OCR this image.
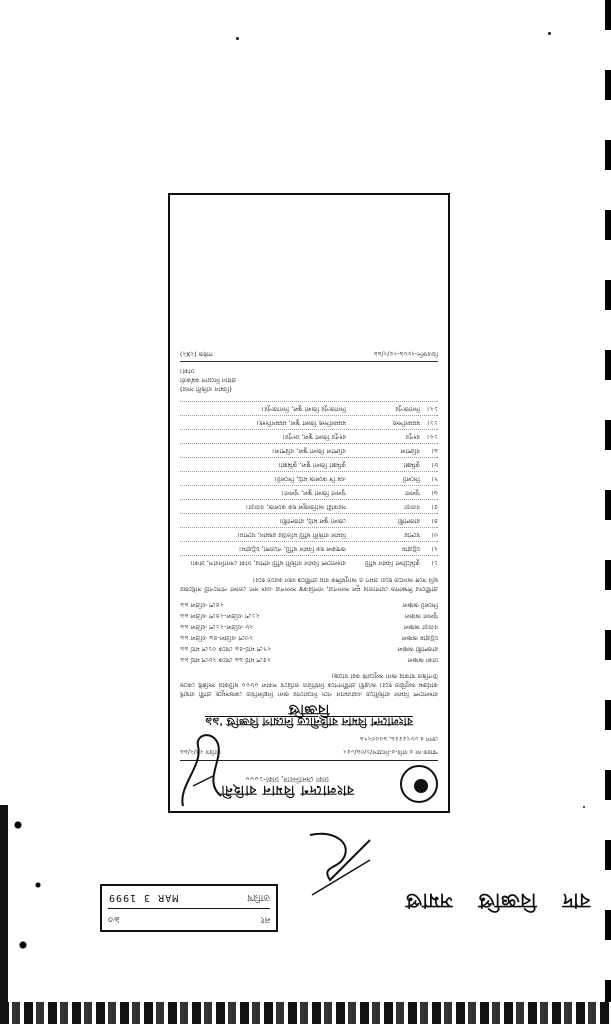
বাংলাদেশ বিমান বাহিনী
ঢাকা সেনানিবাস, ঢাকা-১০০০
স্মারক নং ৪ বাবি-৪-নিয়োগ/১/৩৯/০৫২
তারিখ ২৪/২/৯৯
ফোন ৪ ৮৮২৫৫৫৯, ৯৫৫৩২৭৯
বাংলাদেশ বিমান বাহিনীতে নিয়োগ বিজ্ঞপ্তি '৯৯
বিজ্ঞপ্তি
বাংলাদেশ বিমান বাহিনীতে এয়ারম্যান পদে নিয়োগের জন্য নিম্নলিখিত কেন্দ্রসমূহে প্রার্থী বাছাই কার্যক্রম অনুষ্ঠিত হবে। আগ্রহী প্রার্থীগণকে নির্ধারিত তারিখে সকাল ০৮০০ ঘটিকায় সংশ্লিষ্ট কেন্দ্রে উপস্থিত থাকার জন্য অনুরোধ করা যাচ্ছে।
ঢাকা অঞ্চল
২৫শে মার্চ ৯৯ থেকে ২৮শে মার্চ ৯৯
রাজশাহী অঞ্চল
২৭শে মার্চ-৪৯ থেকে ৩১শে মার্চ ৯৯
চট্টগ্রাম অঞ্চল
২৩শে এপ্রিল-৪৯ এপ্রিল ৯৯
বগুড়া অঞ্চল
২৮ এপ্রিল-২১শে এপ্রিল ৯৯
খুলনা অঞ্চল
২১শে এপ্রিল-২৪শে এপ্রিল ৯৯
সিলেট অঞ্চল
২৪শে এপ্রিল ৯৯
প্রার্থীদের শিক্ষাগত যোগ্যতার মূল সনদপত্র, নাগরিকত্ব সনদপত্র এবং সদ্য তোলা পাসপোর্ট সাইজের ছবি সঙ্গে আনতে হবে। ভ্রমণ ও আনুষঙ্গিক ব্যয় প্রার্থীকে বহন করতে হবে।
১।
কুর্মিটোলা বিমান ঘাঁটি
বাংলাদেশ বিমান বাহিনী ঘাঁটি বাশার, ঢাকা সেনানিবাস, ঢাকা।
২।
চট্টগ্রাম
জহুরুল হক বিমান ঘাঁটি, পতেঙ্গা, চট্টগ্রাম।
৩।
যশোর
বিমান বাহিনী ঘাঁটি মতিউর রহমান, যশোর।
৪।
রাজশাহী
জেলা স্কুল মাঠ, রাজশাহী।
৫।
বগুড়া
সরকারী আজিজুল হক কলেজ, বগুড়া।
৬।
খুলনা
খুলনা জিলা স্কুল, খুলনা।
৭।
সিলেট
এম সি কলেজ মাঠ, সিলেট।
৮।
কুমিল্লা
কুমিল্লা জিলা স্কুল, কুমিল্লা।
৯।
বরিশাল
বরিশাল জিলা স্কুল, বরিশাল।
১০।
রংপুর
রংপুর জিলা স্কুল, রংপুর।
১১।
ময়মনসিংহ
ময়মনসিংহ জিলা স্কুল, ময়মনসিংহ।
১২।
দিনাজপুর
দিনাজপুর জিলা স্কুল, দিনাজপুর।
(বিমান বাহিনী সদর)
প্রধান নিয়োগ কর্মকর্তা
ঢাকা।
ডিএফপি-২৮৮৯-২৫/২/৯৯
সাইজ (২X২)
নং
৯৩
তারিখ
MAR 3 1999	বাদ
বিজ্ঞপ্তি
সমাপ্ত
